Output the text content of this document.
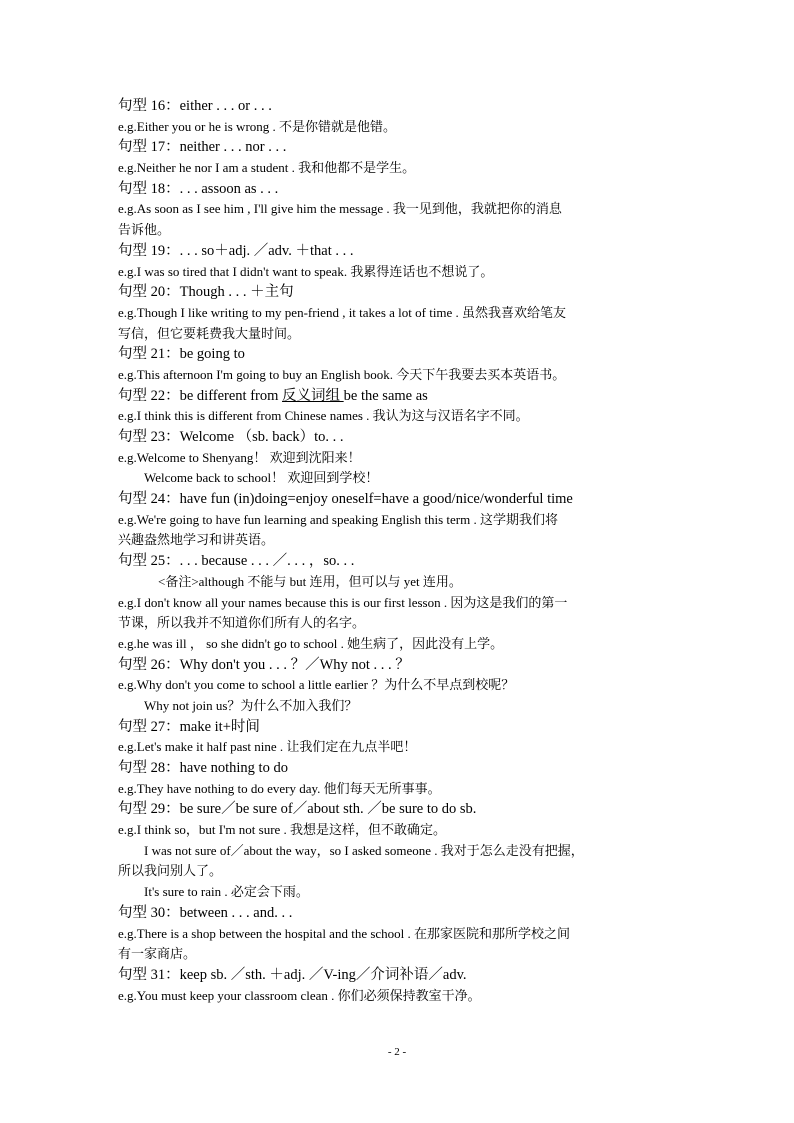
句型 16：either . . . or . . .
e.g.Either you or he is wrong . 不是你错就是他错。
句型 17：neither . . . nor . . .
e.g.Neither he nor I am a student . 我和他都不是学生。
句型 18：. . . assoon as . . .
e.g.As soon as I see him , I'll give him the message . 我一见到他，我就把你的消息
告诉他。
句型 19：. . . so＋adj. ／adv. ＋that . . .
e.g.I was so tired that I didn't want to speak. 我累得连话也不想说了。
句型 20：Though . . . ＋主句
e.g.Though I like writing to my pen-friend , it takes a lot of time . 虽然我喜欢给笔友
写信，但它要耗费我大量时间。
句型 21：be going to
e.g.This afternoon I'm going to buy an English book. 今天下午我要去买本英语书。
句型 22：be different from 反义词组 be the same as
e.g.I think this is different from Chinese names . 我认为这与汉语名字不同。
句型 23：Welcome （sb. back）to. . .
e.g.Welcome to Shenyang！ 欢迎到沈阳来！
Welcome back to school！ 欢迎回到学校！
句型 24：have fun (in)doing=enjoy oneself=have a good/nice/wonderful time
e.g.We're going to have fun learning and speaking English this term . 这学期我们将
兴趣盎然地学习和讲英语。
句型 25：. . . because . . . ／. . . ，so. . .
<备注>although 不能与 but 连用，但可以与 yet 连用。
e.g.I don't know all your names because this is our first lesson . 因为这是我们的第一
节课，所以我并不知道你们所有人的名字。
e.g.he was ill ， so she didn't go to school . 她生病了，因此没有上学。
句型 26：Why don't you . . . ？／Why not . . . ？
e.g.Why don't you come to school a little earlier ？为什么不早点到校呢？
Why not join us？为什么不加入我们？
句型 27：make it+时间
e.g.Let's make it half past nine . 让我们定在九点半吧！
句型 28：have nothing to do
e.g.They have nothing to do every day. 他们每天无所事事。
句型 29：be sure／be sure of／about sth. ／be sure to do sb.
e.g.I think so，but I'm not sure . 我想是这样，但不敢确定。
I was not sure of／about the way，so I asked someone . 我对于怎么走没有把握，
所以我问别人了。
It's sure to rain . 必定会下雨。
句型 30：between . . . and. . .
e.g.There is a shop between the hospital and the school . 在那家医院和那所学校之间
有一家商店。
句型 31：keep sb. ／sth. ＋adj. ／V-ing／介词补语／adv.
e.g.You must keep your classroom clean . 你们必须保持教室干净。
- 2 -
